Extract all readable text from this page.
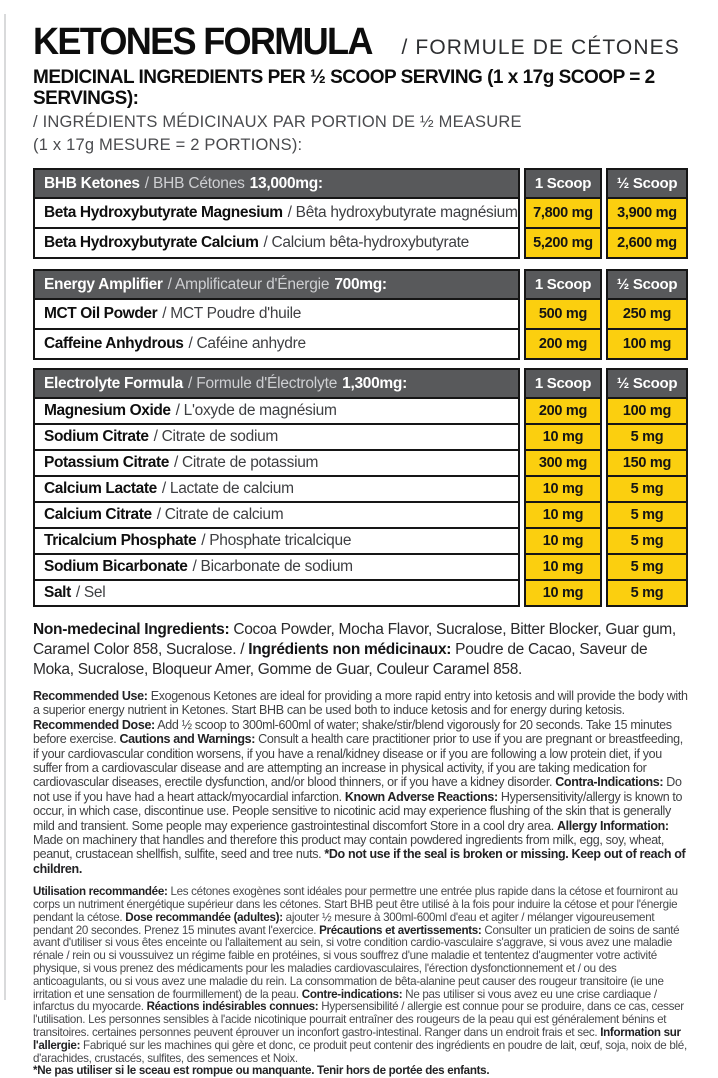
KETONES FORMULA / FORMULE DE CÉTONES
MEDICINAL INGREDIENTS PER ½ SCOOP SERVING (1 x 17g SCOOP = 2 SERVINGS):
/ INGRÉDIENTS MÉDICINAUX PAR PORTION DE ½ MEASURE
(1 x 17g MESURE = 2 PORTIONS):
BHB Ketones / BHB Cétones 13,000mg:
Beta Hydroxybutyrate Magnesium / Bêta hydroxybutyrate magnésium
Beta Hydroxybutyrate Calcium / Calcium bêta-hydroxybutyrate
1 Scoop
7,800 mg
5,200 mg
½ Scoop
3,900 mg
2,600 mg
Energy Amplifier / Amplificateur d'Énergie 700mg:
MCT Oil Powder / MCT Poudre d'huile
Caffeine Anhydrous / Caféine anhydre
1 Scoop
500 mg
200 mg
½ Scoop
250 mg
100 mg
Electrolyte Formula / Formule d'Électrolyte 1,300mg:
Magnesium Oxide / L'oxyde de magnésium
Sodium Citrate / Citrate de sodium
Potassium Citrate / Citrate de potassium
Calcium Lactate / Lactate de calcium
Calcium Citrate / Citrate de calcium
Tricalcium Phosphate / Phosphate tricalcique
Sodium Bicarbonate / Bicarbonate de sodium
Salt / Sel
1 Scoop
200 mg
10 mg
300 mg
10 mg
10 mg
10 mg
10 mg
10 mg
½ Scoop
100 mg
5 mg
150 mg
5 mg
5 mg
5 mg
5 mg
5 mg

Non-medecinal Ingredients: Cocoa Powder, Mocha Flavor, Sucralose, Bitter Blocker, Guar gum, Caramel Color 858, Sucralose. / Ingrédients non médicinaux: Poudre de Cacao, Saveur de Moka, Sucralose, Bloqueur Amer, Gomme de Guar, Couleur Caramel 858.

Recommended Use: Exogenous Ketones are ideal for providing a more rapid entry into ketosis and will provide the body with a superior energy nutrient in Ketones. Start BHB can be used both to induce ketosis and for energy during ketosis. Recommended Dose: Add ½ scoop to 300ml-600ml of water; shake/stir/blend vigorously for 20 seconds. Take 15 minutes before exercise. Cautions and Warnings: Consult a health care practitioner prior to use if you are pregnant or breastfeeding, if your cardiovascular condition worsens, if you have a renal/kidney disease or if you are following a low protein diet, if you suffer from a cardiovascular disease and are attempting an increase in physical activity, if you are taking medication for cardiovascular diseases, erectile dysfunction, and/or blood thinners, or if you have a kidney disorder. Contra-Indications: Do not use if you have had a heart attack/myocardial infarction. Known Adverse Reactions: Hypersensitivity/allergy is known to occur, in which case, discontinue use. People sensitive to nicotinic acid may experience flushing of the skin that is generally mild and transient. Some people may experience gastrointestinal discomfort Store in a cool dry area. Allergy Information: Made on machinery that handles and therefore this product may contain powdered ingredients from milk, egg, soy, wheat, peanut, crustacean shellfish, sulfite, seed and tree nuts. *Do not use if the seal is broken or missing. Keep out of reach of children.

Utilisation recommandée: Les cétones exogènes sont idéales pour permettre une entrée plus rapide dans la cétose et fourniront au corps un nutriment énergétique supérieur dans les cétones. Start BHB peut être utilisé à la fois pour induire la cétose et pour l'énergie pendant la cétose. Dose recommandée (adultes): ajouter ½ mesure à 300ml-600ml d'eau et agiter / mélanger vigoureusement pendant 20 secondes. Prenez 15 minutes avant l'exercice. Précautions et avertissements: Consulter un praticien de soins de santé avant d'utiliser si vous êtes enceinte ou l'allaitement au sein, si votre condition cardio-vasculaire s'aggrave, si vous avez une maladie rénale / rein ou si voussuivez un régime faible en protéines, si vous souffrez d'une maladie et tententez d'augmenter votre activité physique, si vous prenez des médicaments pour les maladies cardiovasculaires, l'érection dysfonctionnement et / ou des anticoagulants, ou si vous avez une maladie du rein. La consommation de bêta-alanine peut causer des rougeur transitoire (ie une irritation et une sensation de fourmillement) de la peau. Contre-indications: Ne pas utiliser si vous avez eu une crise cardiaque / infarctus du myocarde. Réactions indésirables connues: Hypersensibilité / allergie est connue pour se produire, dans ce cas, cesser l'utilisation. Les personnes sensibles à l'acide nicotinique pourrait entraîner des rougeurs de la peau qui est généralement bénins et transitoires. certaines personnes peuvent éprouver un inconfort gastro-intestinal. Ranger dans un endroit frais et sec. Information sur l'allergie: Fabriqué sur les machines qui gère et donc, ce produit peut contenir des ingrédients en poudre de lait, œuf, soja, noix de blé, d'arachides, crustacés, sulfites, des semences et Noix.

*Ne pas utiliser si le sceau est rompue ou manquante. Tenir hors de portée des enfants.
